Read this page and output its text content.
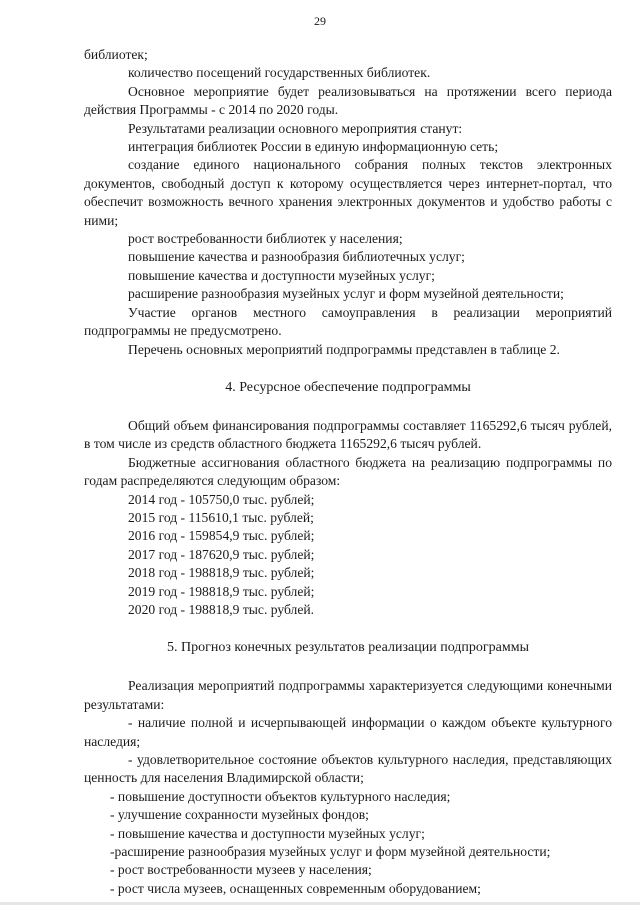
29

библиотек;

количество посещений государственных библиотек.

Основное мероприятие будет реализовываться на протяжении всего периода действия Программы - с 2014 по 2020 годы.

Результатами реализации основного мероприятия станут:

интеграция библиотек России в единую информационную сеть;

создание единого национального собрания полных текстов электронных документов, свободный доступ к которому осуществляется через интернет-портал, что обеспечит возможность вечного хранения электронных документов и удобство работы с ними;

рост востребованности библиотек у населения;

повышение качества и разнообразия библиотечных услуг;

повышение качества и доступности музейных услуг;

расширение разнообразия музейных услуг и форм музейной деятельности;

Участие органов местного самоуправления в реализации мероприятий подпрограммы не предусмотрено.

Перечень основных мероприятий подпрограммы представлен в таблице 2.

4. Ресурсное обеспечение подпрограммы

Общий объем финансирования подпрограммы составляет 1165292,6 тысяч рублей, в том числе из средств областного бюджета 1165292,6 тысяч рублей.

Бюджетные ассигнования областного бюджета на реализацию подпрограммы по годам распределяются следующим образом:

2014 год - 105750,0 тыс. рублей;

2015 год - 115610,1 тыс. рублей;

2016 год - 159854,9 тыс. рублей;

2017 год - 187620,9 тыс. рублей;

2018 год - 198818,9 тыс. рублей;

2019 год - 198818,9 тыс. рублей;

2020 год - 198818,9 тыс. рублей.

5. Прогноз конечных результатов реализации подпрограммы

Реализация мероприятий подпрограммы характеризуется следующими конечными результатами:

- наличие полной и исчерпывающей информации о каждом объекте культурного наследия;

- удовлетворительное состояние объектов культурного наследия, представляющих ценность для населения Владимирской области;

- повышение доступности объектов культурного наследия;

- улучшение сохранности музейных фондов;

- повышение качества и доступности музейных услуг;

-расширение разнообразия музейных услуг и форм музейной деятельности;

- рост востребованности музеев у населения;

- рост числа музеев, оснащенных современным оборудованием;
